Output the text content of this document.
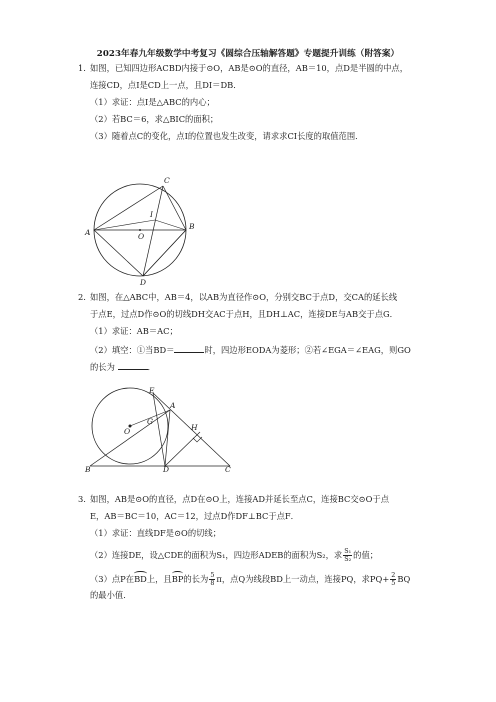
2023年春九年级数学中考复习《圆综合压轴解答题》专题提升训练（附答案）
1. 如图，已知四边形ACBD内接于⊙O，AB是⊙O的直径，AB＝10，点D是半圆的中点，
连接CD，点I是CD上一点，且DI＝DB．
（1）求证：点I是△ABC的内心；
（2）若BC＝6，求△BIC的面积；
（3）随着点C的变化，点I的位置也发生改变，请求求CI长度的取值范围．
C
I
A	O
B
D
2. 如图，在△ABC中，AB＝4，以AB为直径作⊙O，分别交BC于点D，交CA的延长线
于点E，过点D作⊙O的切线DH交AC于点H，且DH⊥AC，连接DE与AB交于点G．
（1）求证：AB＝AC；
（2）填空：①当BD＝	时，四边形EODA为菱形；②若∠EGA＝∠EAG，则GO
的长为	．
E
A
G
O	H
B	D	C
3. 如图，AB是⊙O的直径，点D在⊙O上，连接AD并延长至点C，连接BC交⊙O于点
E，AB＝BC＝10，AC＝12，过点D作DF⊥BC于点F．
（1）求证：直线DF是⊙O的切线；
（2）连接DE，设△CDE的面积为S₁，四边形ADEB的面积为S₂，求 $\frac{\text{S₁}}{\text{S₂}}$ 的值；
（3）点P在BD上，且BP的长为 $\frac{5}{8}$ π，点Q为线段BD上一动点，连接PQ，求$PQ+ \frac{2}{5}$ BQ
的最小值．
